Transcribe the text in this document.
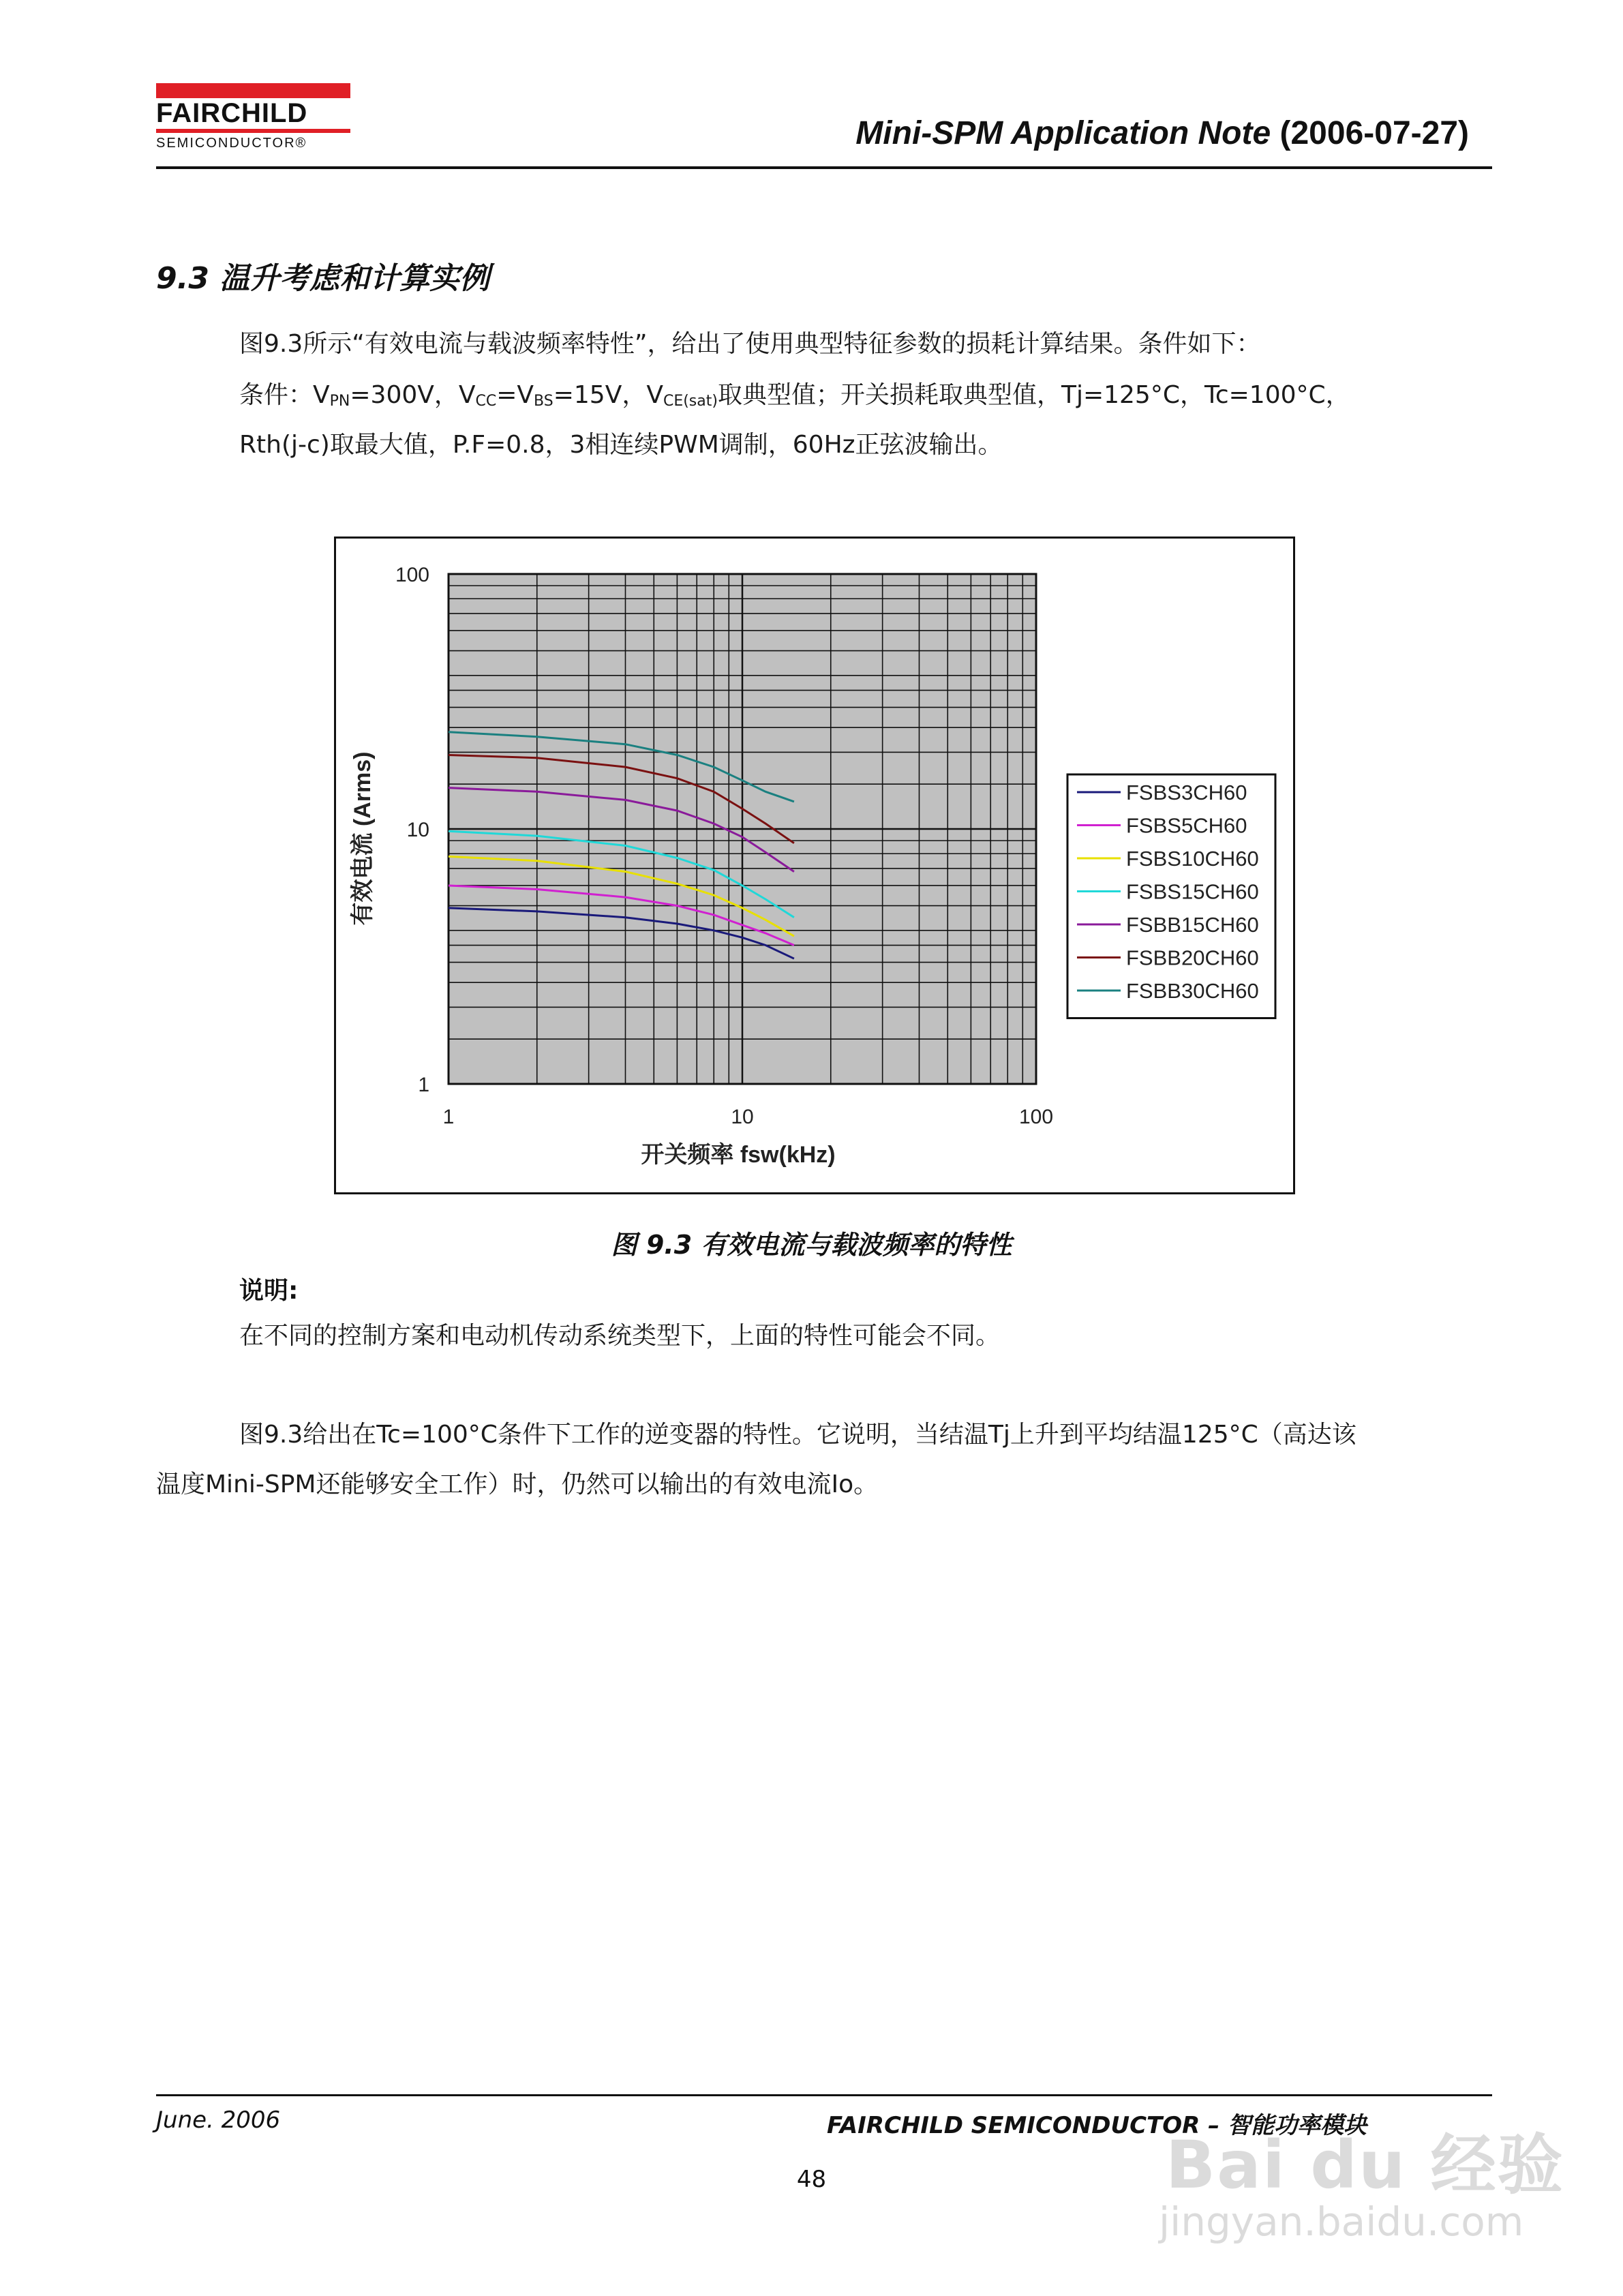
FAIRCHILD
SEMICONDUCTOR®	Mini-SPM Application Note (2006-07-27)
9.3 温升考虑和计算实例
图9.3所示“有效电流与载波频率特性”，给出了使用典型特征参数的损耗计算结果。条件如下：
条件：$V_{PN}=300V$，$V_{CC}=V_{BS}=15V$，$V_{CE(sat)}$取典型值；开关损耗取典型值，Tj=125°C，Tc=100°C，
Rth(j-c)取最大值，P.F=0.8，3相连续PWM调制，60Hz正弦波输出。
100
10
1
1	10	100
有效电流 (Arms)
开关频率 fsw(kHz)
FSBS3CH60
FSBS5CH60
FSBS10CH60
FSBS15CH60
FSBB15CH60
FSBB20CH60
FSBB30CH60
图 9.3 有效电流与载波频率的特性
说明:
在不同的控制方案和电动机传动系统类型下，上面的特性可能会不同。
图9.3给出在Tc=100°C条件下工作的逆变器的特性。它说明，当结温Tj上升到平均结温125°C（高达该
温度Mini-SPM还能够安全工作）时，仍然可以输出的有效电流Io。
June. 2006	FAIRCHILD SEMICONDUCTOR – 智能功率模块
48	Bai du 经验
jingyan.baidu.com
